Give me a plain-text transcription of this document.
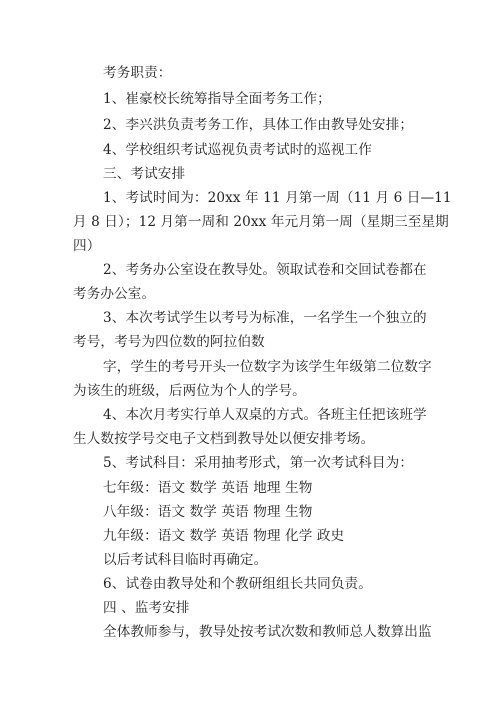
考务职责：
1、崔豪校长统筹指导全面考务工作；
2、李兴洪负责考务工作，具体工作由教导处安排；
4、学校组织考试巡视负责考试时的巡视工作
三、考试安排
1、考试时间为：20xx 年 11 月第一周（11 月 6 日—11
月 8 日）；12 月第一周和 20xx 年元月第一周（星期三至星期
四）
2、考务办公室设在教导处。领取试卷和交回试卷都在
考务办公室。
3、本次考试学生以考号为标准，一名学生一个独立的
考号，考号为四位数的阿拉伯数
字，学生的考号开头一位数字为该学生年级第二位数字
为该生的班级，后两位为个人的学号。
4、本次月考实行单人双桌的方式。各班主任把该班学
生人数按学号交电子文档到教导处以便安排考场。
5、考试科目：采用抽考形式，第一次考试科目为：
七年级：语文 数学 英语 地理 生物
八年级：语文 数学 英语 物理 生物
九年级：语文 数学 英语 物理 化学 政史
以后考试科目临时再确定。
6、试卷由教导处和个教研组组长共同负责。
四 、监考安排
全体教师参与，教导处按考试次数和教师总人数算出监
